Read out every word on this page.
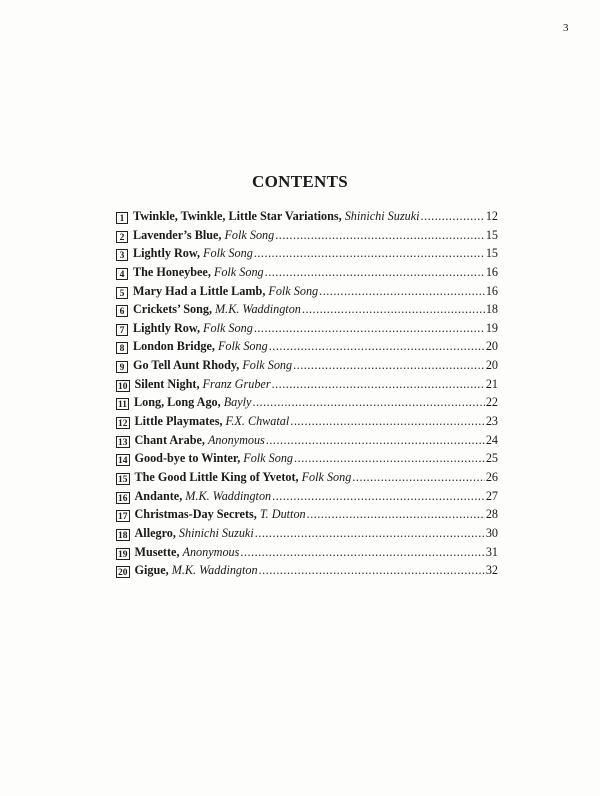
3
CONTENTS
1 Twinkle, Twinkle, Little Star Variations, Shinichi Suzuki .....	12
2 Lavender’s Blue, Folk Song .....	15
3 Lightly Row, Folk Song .....	15
4 The Honeybee, Folk Song .....	16
5 Mary Had a Little Lamb, Folk Song .....	16
6 Crickets’ Song, M.K. Waddington .....	18
7 Lightly Row, Folk Song .....	19
8 London Bridge, Folk Song .....	20
9 Go Tell Aunt Rhody, Folk Song .....	20
10 Silent Night, Franz Gruber .....	21
11 Long, Long Ago, Bayly .....	22
12 Little Playmates, F.X. Chwatal .....	23
13 Chant Arabe, Anonymous .....	24
14 Good-bye to Winter, Folk Song .....	25
15 The Good Little King of Yvetot, Folk Song .....	26
16 Andante, M.K. Waddington .....	27
17 Christmas-Day Secrets, T. Dutton .....	28
18 Allegro, Shinichi Suzuki .....	30
19 Musette, Anonymous .....	31
20 Gigue, M.K. Waddington .....	32
